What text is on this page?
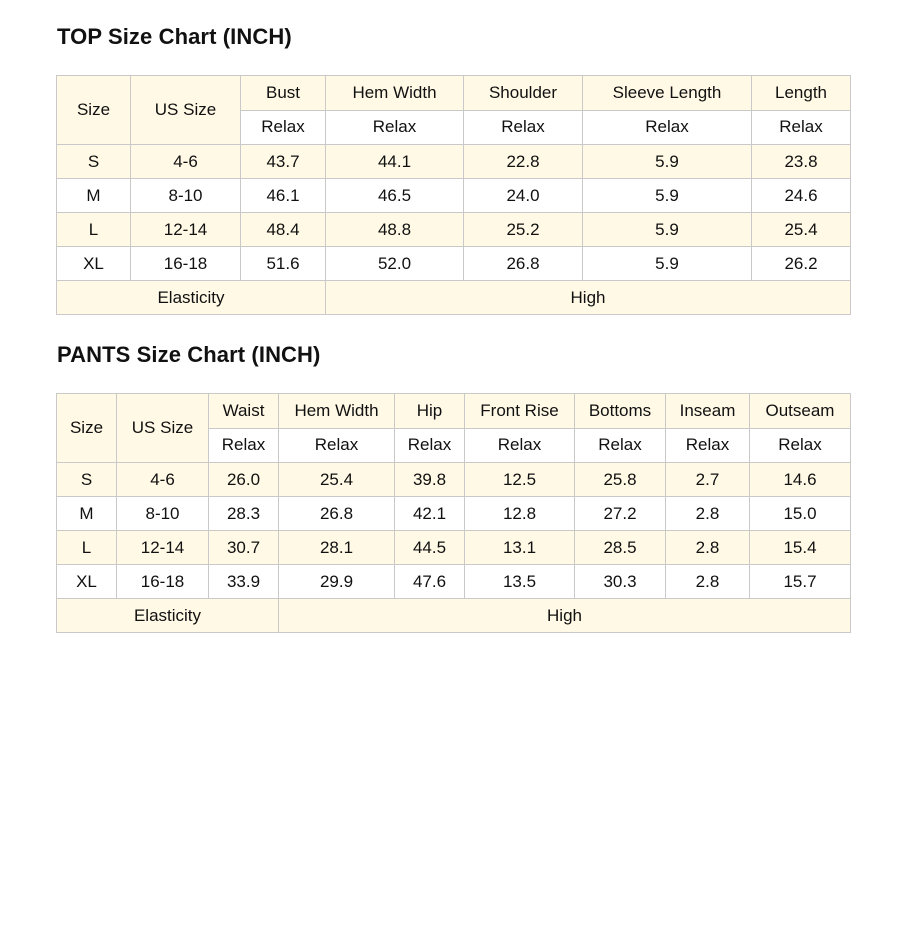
TOP Size Chart (INCH)
Size	US Size	Bust	Hem Width	Shoulder	Sleeve Length	Length
		Relax	Relax	Relax	Relax	Relax
S	4-6	43.7	44.1	22.8	5.9	23.8
M	8-10	46.1	46.5	24.0	5.9	24.6
L	12-14	48.4	48.8	25.2	5.9	25.4
XL	16-18	51.6	52.0	26.8	5.9	26.2
Elasticity			High			
PANTS Size Chart (INCH)
Size	US Size	Waist	Hem Width	Hip	Front Rise	Bottoms	Inseam	Outseam
		Relax	Relax	Relax	Relax	Relax	Relax	Relax
S	4-6	26.0	25.4	39.8	12.5	25.8	2.7	14.6
M	8-10	28.3	26.8	42.1	12.8	27.2	2.8	15.0
L	12-14	30.7	28.1	44.5	13.1	28.5	2.8	15.4
XL	16-18	33.9	29.9	47.6	13.5	30.3	2.8	15.7
Elasticity			High					
